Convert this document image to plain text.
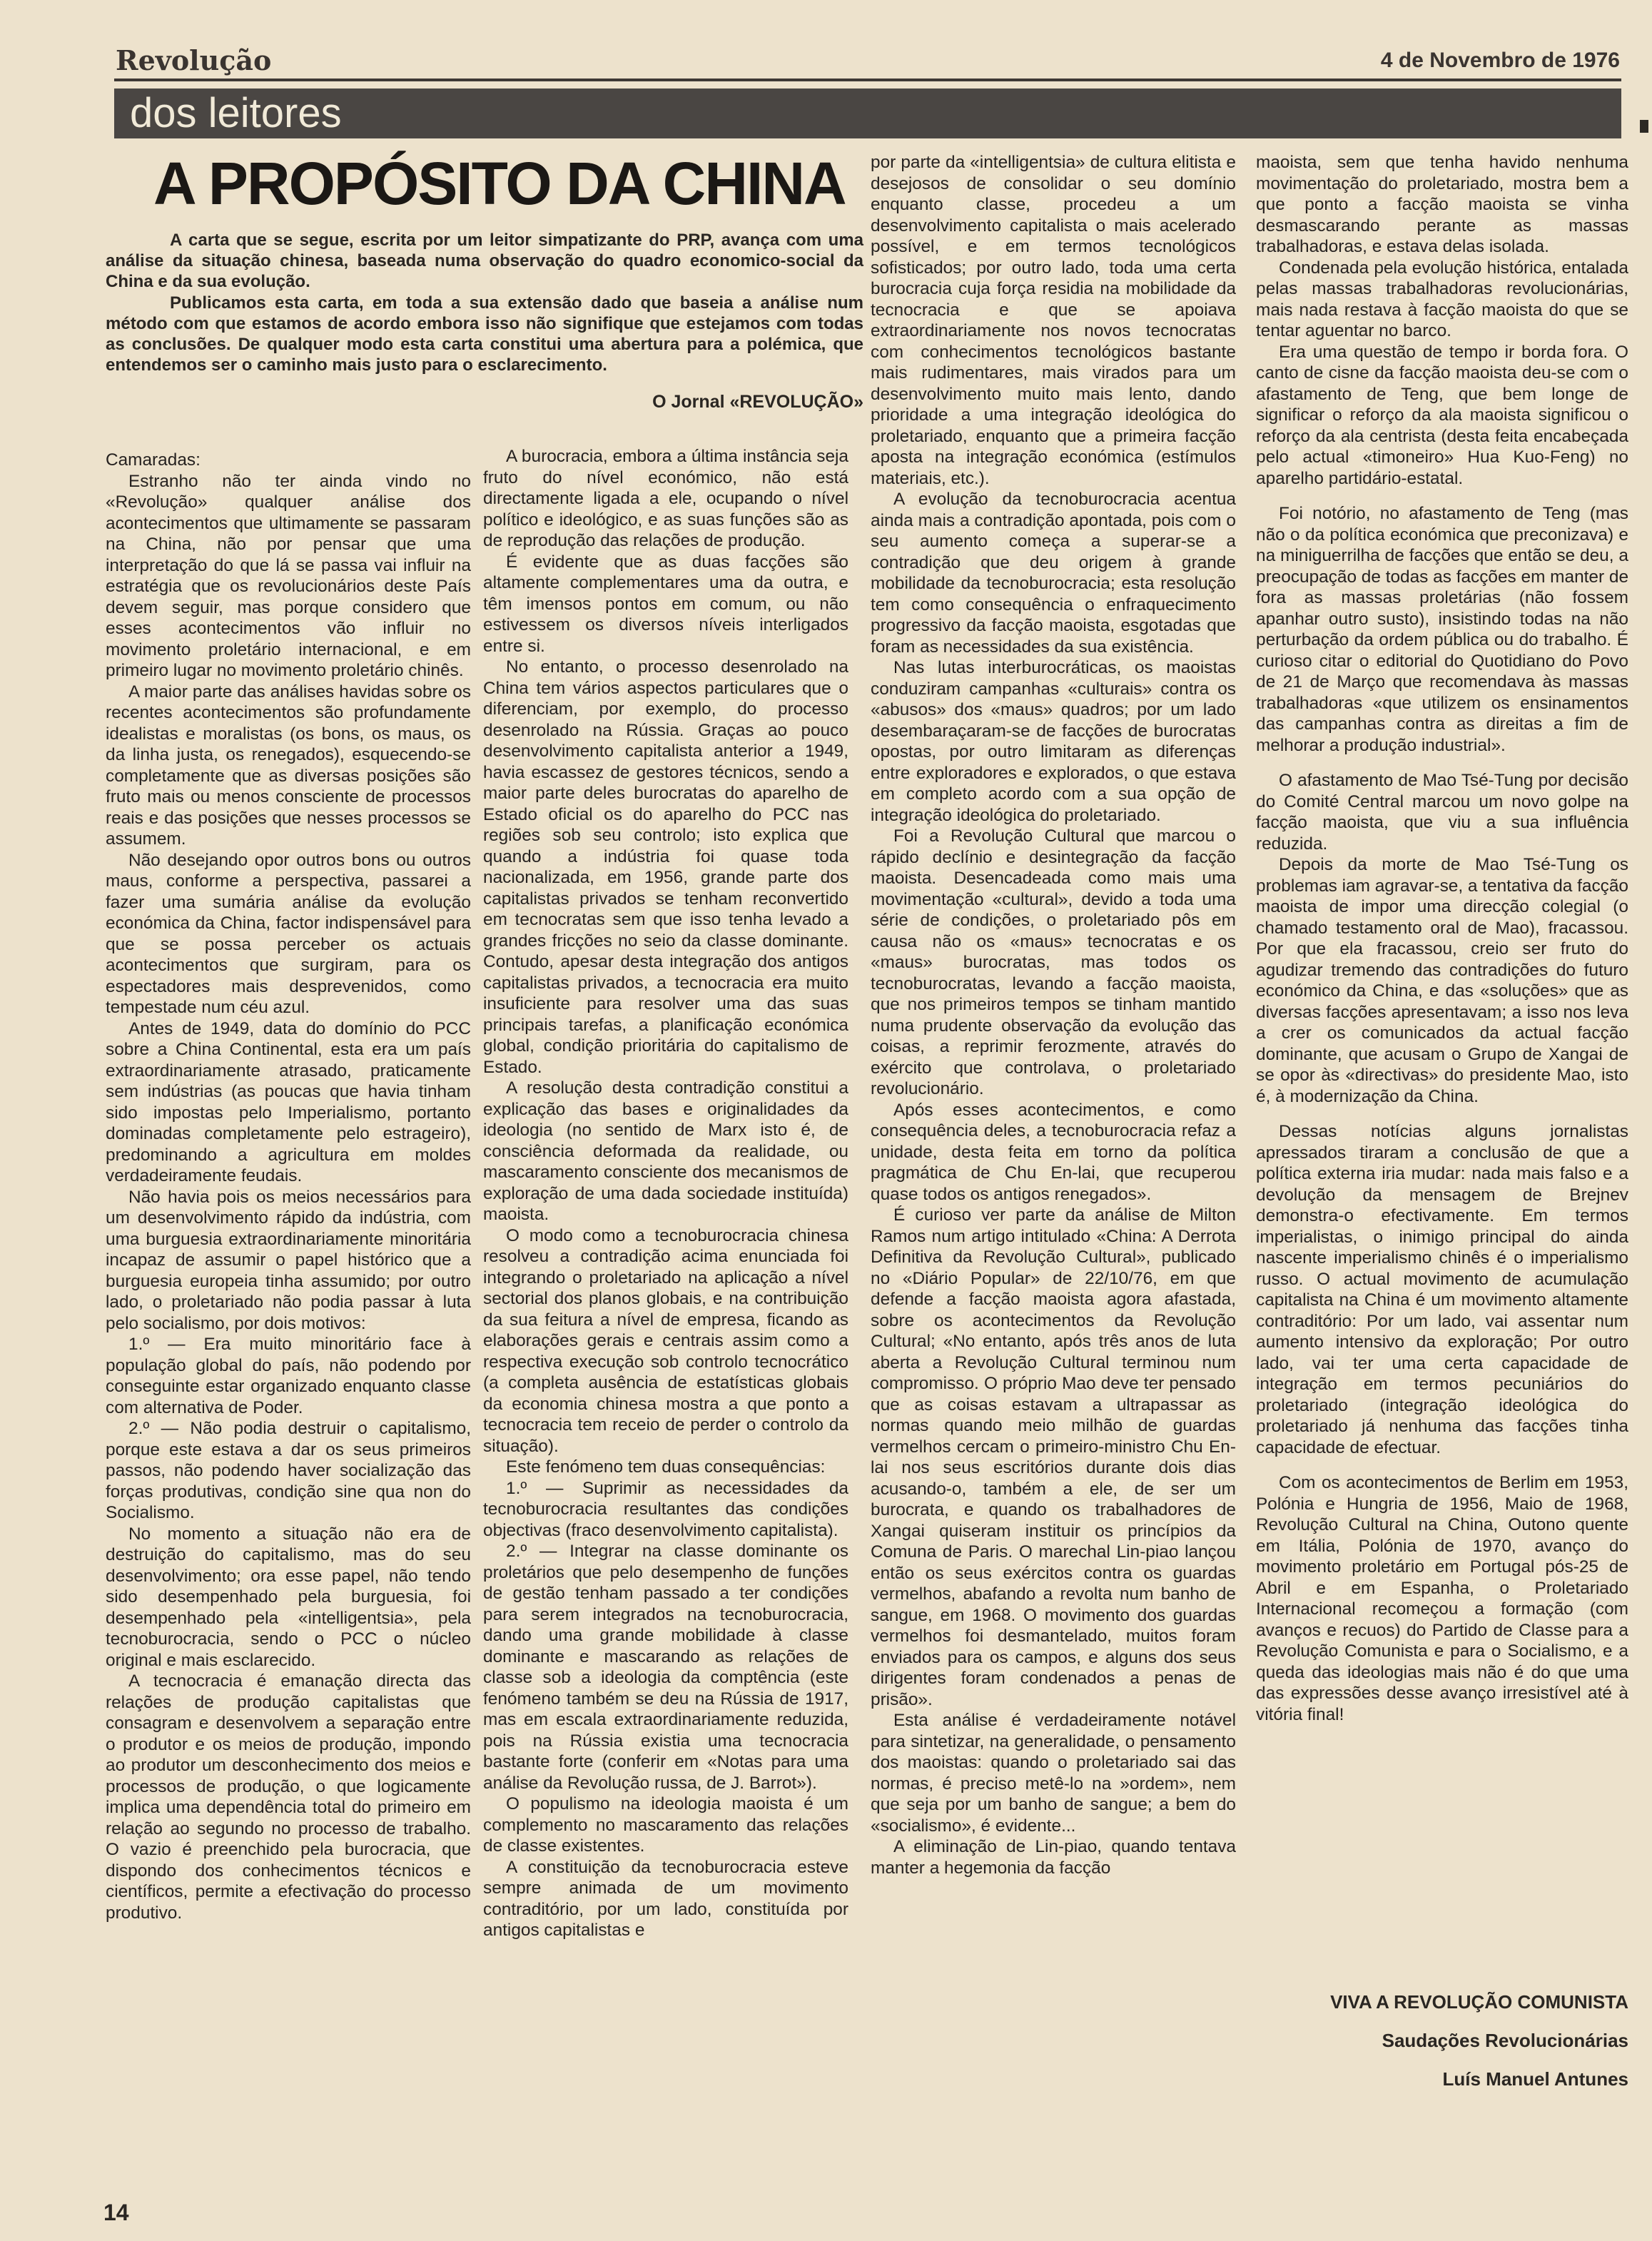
Revolução	4 de Novembro de 1976
dos leitores
A PROPÓSITO DA CHINA

A carta que se segue, escrita por um leitor simpatizante do PRP, avança com uma análise da situação chinesa, baseada numa observação do quadro economico-social da China e da sua evolução.

Publicamos esta carta, em toda a sua extensão dado que baseia a análise num método com que estamos de acordo embora isso não signifique que estejamos com todas as conclusões. De qualquer modo esta carta constitui uma abertura para a polémica, que entendemos ser o caminho mais justo para o esclarecimento.

O Jornal «REVOLUÇÃO»

Camaradas:

Estranho não ter ainda vindo no «Revolução» qualquer análise dos acontecimentos que ultimamente se passaram na China, não por pensar que uma interpretação do que lá se passa vai influir na estratégia que os revolucionários deste País devem seguir, mas porque considero que esses acontecimentos vão influir no movimento proletário internacional, e em primeiro lugar no movimento proletário chinês.

A maior parte das análises havidas sobre os recentes acontecimentos são profundamente idealistas e moralistas (os bons, os maus, os da linha justa, os renegados), esquecendo-se completamente que as diversas posições são fruto mais ou menos consciente de processos reais e das posições que nesses processos se assumem.

Não desejando opor outros bons ou outros maus, conforme a perspectiva, passarei a fazer uma sumária análise da evolução económica da China, factor indispensável para que se possa perceber os actuais acontecimentos que surgiram, para os espectadores mais desprevenidos, como tempestade num céu azul.

Antes de 1949, data do domínio do PCC sobre a China Continental, esta era um país extraordinariamente atrasado, praticamente sem indústrias (as poucas que havia tinham sido impostas pelo Imperialismo, portanto dominadas completamente pelo estrageiro), predominando a agricultura em moldes verdadeiramente feudais.

Não havia pois os meios necessários para um desenvolvimento rápido da indústria, com uma burguesia extraordinariamente minoritária incapaz de assumir o papel histórico que a burguesia europeia tinha assumido; por outro lado, o proletariado não podia passar à luta pelo socialismo, por dois motivos:

1.º — Era muito minoritário face à população global do país, não podendo por conseguinte estar organizado enquanto classe com alternativa de Poder.

2.º — Não podia destruir o capitalismo, porque este estava a dar os seus primeiros passos, não podendo haver socialização das forças produtivas, condição sine qua non do Socialismo.

No momento a situação não era de destruição do capitalismo, mas do seu desenvolvimento; ora esse papel, não tendo sido desempenhado pela burguesia, foi desempenhado pela «intelligentsia», pela tecnoburocracia, sendo o PCC o núcleo original e mais esclarecido.

A tecnocracia é emanação directa das relações de produção capitalistas que consagram e desenvolvem a separação entre o produtor e os meios de produção, impondo ao produtor um desconhecimento dos meios e processos de produção, o que logicamente implica uma dependência total do primeiro em relação ao segundo no processo de trabalho. O vazio é preenchido pela burocracia, que dispondo dos conhecimentos técnicos e científicos, permite a efectivação do processo produtivo.

A burocracia, embora a última instância seja fruto do nível económico, não está directamente ligada a ele, ocupando o nível político e ideológico, e as suas funções são as de reprodução das relações de produção.

É evidente que as duas facções são altamente complementares uma da outra, e têm imensos pontos em comum, ou não estivessem os diversos níveis interligados entre si.

No entanto, o processo desenrolado na China tem vários aspectos particulares que o diferenciam, por exemplo, do processo desenrolado na Rússia. Graças ao pouco desenvolvimento capitalista anterior a 1949, havia escassez de gestores técnicos, sendo a maior parte deles burocratas do aparelho de Estado oficial os do aparelho do PCC nas regiões sob seu controlo; isto explica que quando a indústria foi quase toda nacionalizada, em 1956, grande parte dos capitalistas privados se tenham reconvertido em tecnocratas sem que isso tenha levado a grandes fricções no seio da classe dominante. Contudo, apesar desta integração dos antigos capitalistas privados, a tecnocracia era muito insuficiente para resolver uma das suas principais tarefas, a planificação económica global, condição prioritária do capitalismo de Estado.

A resolução desta contradição constitui a explicação das bases e originalidades da ideologia (no sentido de Marx isto é, de consciência deformada da realidade, ou mascaramento consciente dos mecanismos de exploração de uma dada sociedade instituída) maoista.

O modo como a tecnoburocracia chinesa resolveu a contradição acima enunciada foi integrando o proletariado na aplicação a nível sectorial dos planos globais, e na contribuição da sua feitura a nível de empresa, ficando as elaborações gerais e centrais assim como a respectiva execução sob controlo tecnocrático (a completa ausência de estatísticas globais da economia chinesa mostra a que ponto a tecnocracia tem receio de perder o controlo da situação).

Este fenómeno tem duas consequências:

1.º — Suprimir as necessidades da tecnoburocracia resultantes das condições objectivas (fraco desenvolvimento capitalista).

2.º — Integrar na classe dominante os proletários que pelo desempenho de funções de gestão tenham passado a ter condições para serem integrados na tecnoburocracia, dando uma grande mobilidade à classe dominante e mascarando as relações de classe sob a ideologia da comptência (este fenómeno também se deu na Rússia de 1917, mas em escala extraordinariamente reduzida, pois na Rússia existia uma tecnocracia bastante forte (conferir em «Notas para uma análise da Revolução russa, de J. Barrot»).

O populismo na ideologia maoista é um complemento no mascaramento das relações de classe existentes.

A constituição da tecnoburocracia esteve sempre animada de um movimento contraditório, por um lado, constituída por antigos capitalistas e

por parte da «intelligentsia» de cultura elitista e desejosos de consolidar o seu domínio enquanto classe, procedeu a um desenvolvimento capitalista o mais acelerado possível, e em termos tecnológicos sofisticados; por outro lado, toda uma certa burocracia cuja força residia na mobilidade da tecnocracia e que se apoiava extraordinariamente nos novos tecnocratas com conhecimentos tecnológicos bastante mais rudimentares, mais virados para um desenvolvimento muito mais lento, dando prioridade a uma integração ideológica do proletariado, enquanto que a primeira facção aposta na integração económica (estímulos materiais, etc.).

A evolução da tecnoburocracia acentua ainda mais a contradição apontada, pois com o seu aumento começa a superar-se a contradição que deu origem à grande mobilidade da tecnoburocracia; esta resolução tem como consequência o enfraquecimento progressivo da facção maoista, esgotadas que foram as necessidades da sua existência.

Nas lutas interburocráticas, os maoistas conduziram campanhas «culturais» contra os «abusos» dos «maus» quadros; por um lado desembaraçaram-se de facções de burocratas opostas, por outro limitaram as diferenças entre exploradores e explorados, o que estava em completo acordo com a sua opção de integração ideológica do proletariado.

Foi a Revolução Cultural que marcou o rápido declínio e desintegração da facção maoista. Desencadeada como mais uma movimentação «cultural», devido a toda uma série de condições, o proletariado pôs em causa não os «maus» tecnocratas e os «maus» burocratas, mas todos os tecnoburocratas, levando a facção maoista, que nos primeiros tempos se tinham mantido numa prudente observação da evolução das coisas, a reprimir ferozmente, através do exército que controlava, o proletariado revolucionário.

Após esses acontecimentos, e como consequência deles, a tecnoburocracia refaz a unidade, desta feita em torno da política pragmática de Chu En-lai, que recuperou quase todos os antigos renegados».

É curioso ver parte da análise de Milton Ramos num artigo intitulado «China: A Derrota Definitiva da Revolução Cultural», publicado no «Diário Popular» de 22/10/76, em que defende a facção maoista agora afastada, sobre os acontecimentos da Revolução Cultural; «No entanto, após três anos de luta aberta a Revolução Cultural terminou num compromisso. O próprio Mao deve ter pensado que as coisas estavam a ultrapassar as normas quando meio milhão de guardas vermelhos cercam o primeiro-ministro Chu En-lai nos seus escritórios durante dois dias acusando-o, também a ele, de ser um burocrata, e quando os trabalhadores de Xangai quiseram instituir os princípios da Comuna de Paris. O marechal Lin-piao lançou então os seus exércitos contra os guardas vermelhos, abafando a revolta num banho de sangue, em 1968. O movimento dos guardas vermelhos foi desmantelado, muitos foram enviados para os campos, e alguns dos seus dirigentes foram condenados a penas de prisão».

Esta análise é verdadeiramente notável para sintetizar, na generalidade, o pensamento dos maoistas: quando o proletariado sai das normas, é preciso metê-lo na »ordem», nem que seja por um banho de sangue; a bem do «socialismo», é evidente...

A eliminação de Lin-piao, quando tentava manter a hegemonia da facção

maoista, sem que tenha havido nenhuma movimentação do proletariado, mostra bem a que ponto a facção maoista se vinha desmascarando perante as massas trabalhadoras, e estava delas isolada.

Condenada pela evolução histórica, entalada pelas massas trabalhadoras revolucionárias, mais nada restava à facção maoista do que se tentar aguentar no barco.

Era uma questão de tempo ir borda fora. O canto de cisne da facção maoista deu-se com o afastamento de Teng, que bem longe de significar o reforço da ala maoista significou o reforço da ala centrista (desta feita encabeçada pelo actual «timoneiro» Hua Kuo-Feng) no aparelho partidário-estatal.

Foi notório, no afastamento de Teng (mas não o da política económica que preconizava) e na miniguerrilha de facções que então se deu, a preocupação de todas as facções em manter de fora as massas proletárias (não fossem apanhar outro susto), insistindo todas na não perturbação da ordem pública ou do trabalho. É curioso citar o editorial do Quotidiano do Povo de 21 de Março que recomendava às massas trabalhadoras «que utilizem os ensinamentos das campanhas contra as direitas a fim de melhorar a produção industrial».

O afastamento de Mao Tsé-Tung por decisão do Comité Central marcou um novo golpe na facção maoista, que viu a sua influência reduzida.

Depois da morte de Mao Tsé-Tung os problemas iam agravar-se, a tentativa da facção maoista de impor uma direcção colegial (o chamado testamento oral de Mao), fracassou. Por que ela fracassou, creio ser fruto do agudizar tremendo das contradições do futuro económico da China, e das «soluções» que as diversas facções apresentavam; a isso nos leva a crer os comunicados da actual facção dominante, que acusam o Grupo de Xangai de se opor às «directivas» do presidente Mao, isto é, à modernização da China.

Dessas notícias alguns jornalistas apressados tiraram a conclusão de que a política externa iria mudar: nada mais falso e a devolução da mensagem de Brejnev demonstra-o efectivamente. Em termos imperialistas, o inimigo principal do ainda nascente imperialismo chinês é o imperialismo russo. O actual movimento de acumulação capitalista na China é um movimento altamente contraditório: Por um lado, vai assentar num aumento intensivo da exploração; Por outro lado, vai ter uma certa capacidade de integração em termos pecuniários do proletariado (integração ideológica do proletariado já nenhuma das facções tinha capacidade de efectuar.

Com os acontecimentos de Berlim em 1953, Polónia e Hungria de 1956, Maio de 1968, Revolução Cultural na China, Outono quente em Itália, Polónia de 1970, avanço do movimento proletário em Portugal pós-25 de Abril e em Espanha, o Proletariado Internacional recomeçou a formação (com avanços e recuos) do Partido de Classe para a Revolução Comunista e para o Socialismo, e a queda das ideologias mais não é do que uma das expressões desse avanço irresistível até à vitória final!

VIVA A REVOLUÇÃO COMUNISTA
Saudações Revolucionárias
Luís Manuel Antunes
14
